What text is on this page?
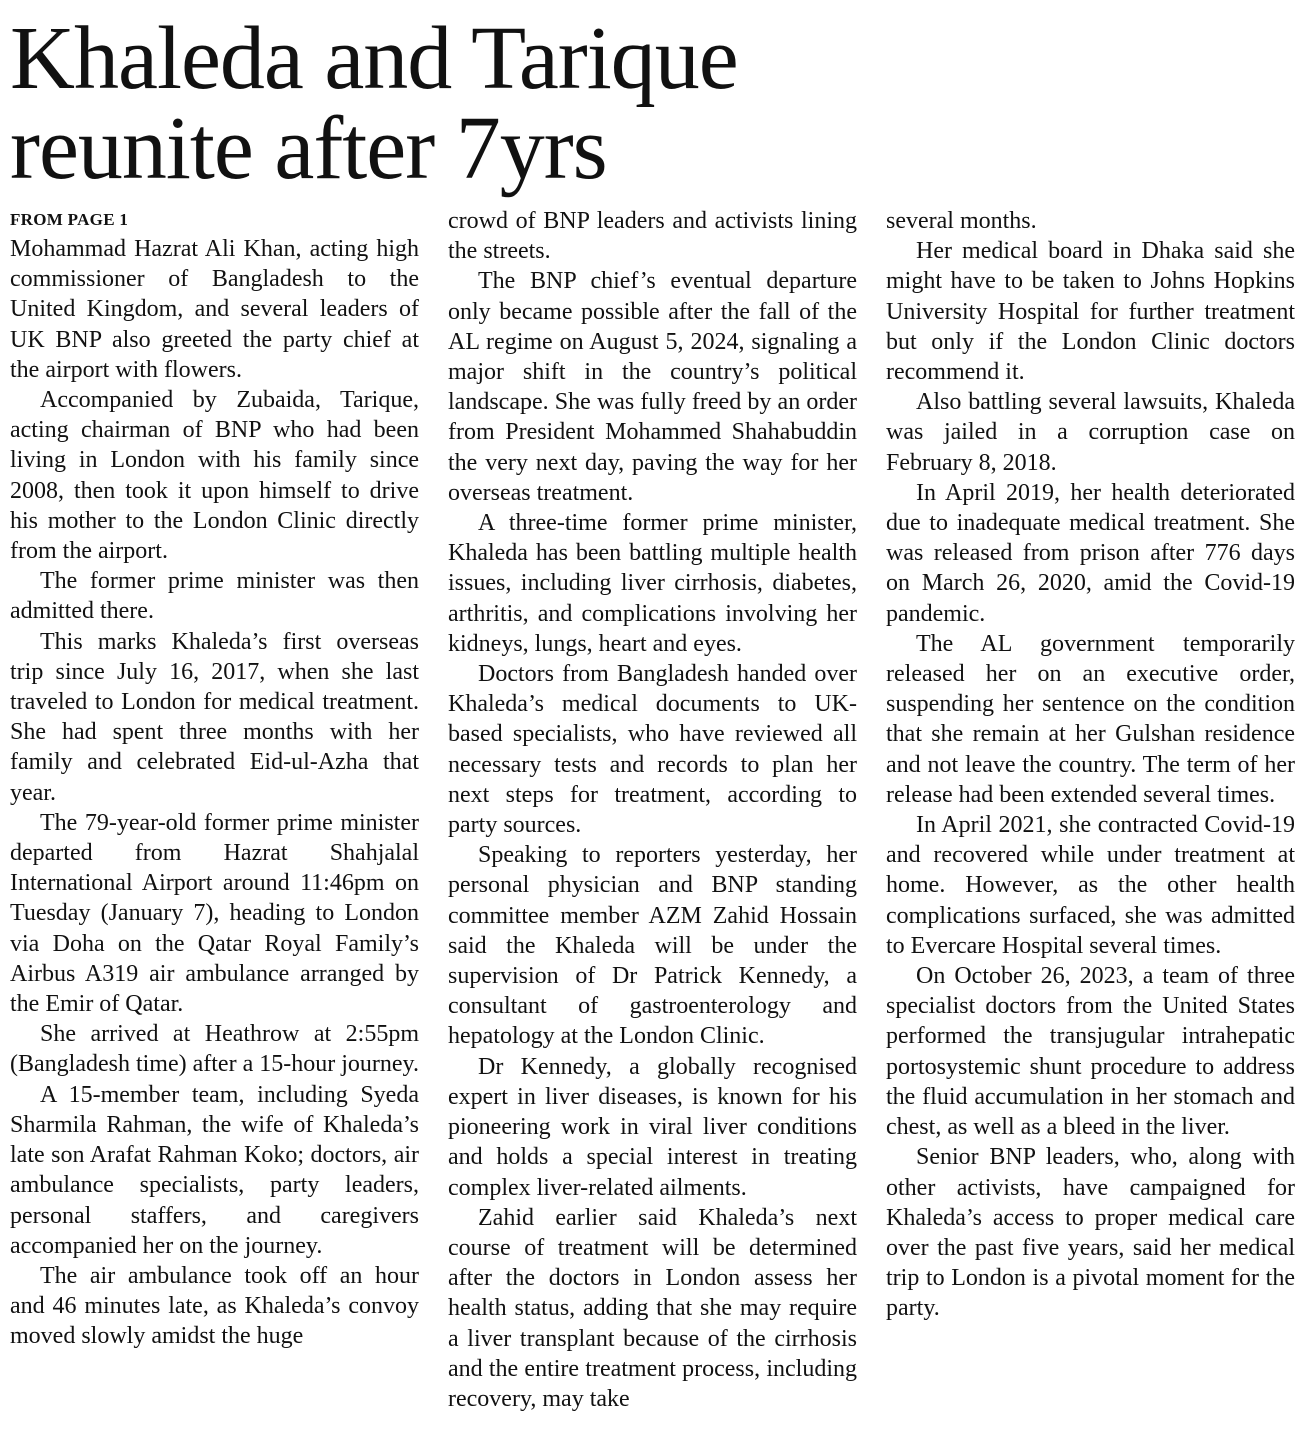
Khaleda and Tarique
reunite after 7yrs
FROM PAGE 1

Mohammad Hazrat Ali Khan, acting high commissioner of Bangladesh to the United Kingdom, and several leaders of UK BNP also greeted the party chief at the airport with flowers.

Accompanied by Zubaida, Tarique, acting chairman of BNP who had been living in London with his family since 2008, then took it upon himself to drive his mother to the London Clinic directly from the airport.

The former prime minister was then admitted there.

This marks Khaleda’s first overseas trip since July 16, 2017, when she last traveled to London for medical treatment. She had spent three months with her family and celebrated Eid-ul-Azha that year.

The 79-year-old former prime minister departed from Hazrat Shahjalal International Airport around 11:46pm on Tuesday (January 7), heading to London via Doha on the Qatar Royal Family’s Airbus A319 air ambulance arranged by the Emir of Qatar.

She arrived at Heathrow at 2:55pm (Bangladesh time) after a 15-hour journey.

A 15-member team, including Syeda Sharmila Rahman, the wife of Khaleda’s late son Arafat Rahman Koko; doctors, air ambulance specialists, party leaders, personal staffers, and caregivers accompanied her on the journey.

The air ambulance took off an hour and 46 minutes late, as Khaleda’s convoy moved slowly amidst the huge

crowd of BNP leaders and activists lining the streets.

The BNP chief’s eventual departure only became possible after the fall of the AL regime on August 5, 2024, signaling a major shift in the country’s political landscape. She was fully freed by an order from President Mohammed Shahabuddin the very next day, paving the way for her overseas treatment.

A three-time former prime minister, Khaleda has been battling multiple health issues, including liver cirrhosis, diabetes, arthritis, and complications involving her kidneys, lungs, heart and eyes.

Doctors from Bangladesh handed over Khaleda’s medical documents to UK-based specialists, who have reviewed all necessary tests and records to plan her next steps for treatment, according to party sources.

Speaking to reporters yesterday, her personal physician and BNP standing committee member AZM Zahid Hossain said the Khaleda will be under the supervision of Dr Patrick Kennedy, a consultant of gastroenterology and hepatology at the London Clinic.

Dr Kennedy, a globally recognised expert in liver diseases, is known for his pioneering work in viral liver conditions and holds a special interest in treating complex liver-related ailments.

Zahid earlier said Khaleda’s next course of treatment will be determined after the doctors in London assess her health status, adding that she may require a liver transplant because of the cirrhosis and the entire treatment process, including recovery, may take

several months.

Her medical board in Dhaka said she might have to be taken to Johns Hopkins University Hospital for further treatment but only if the London Clinic doctors recommend it.

Also battling several lawsuits, Khaleda was jailed in a corruption case on February 8, 2018.

In April 2019, her health deteriorated due to inadequate medical treatment. She was released from prison after 776 days on March 26, 2020, amid the Covid-19 pandemic.

The AL government temporarily released her on an executive order, suspending her sentence on the condition that she remain at her Gulshan residence and not leave the country. The term of her release had been extended several times.

In April 2021, she contracted Covid-19 and recovered while under treatment at home. However, as the other health complications surfaced, she was admitted to Evercare Hospital several times.

On October 26, 2023, a team of three specialist doctors from the United States performed the transjugular intrahepatic portosystemic shunt procedure to address the fluid accumulation in her stomach and chest, as well as a bleed in the liver.

Senior BNP leaders, who, along with other activists, have campaigned for Khaleda’s access to proper medical care over the past five years, said her medical trip to London is a pivotal moment for the party.
